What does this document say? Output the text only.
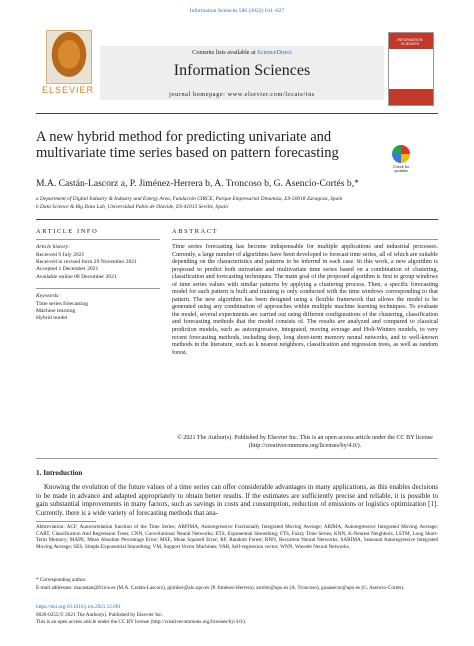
Information Sciences 586 (2022) 611–627
ELSEVIER
Contents lists available at ScienceDirect
Information Sciences
journal homepage: www.elsevier.com/locate/ins
INFORMATION SCIENCES
A new hybrid method for predicting univariate and multivariate time series based on pattern forecasting
Check for updates
M.A. Castán-Lascorz a, P. Jiménez-Herrera b, A. Troncoso b, G. Asencio-Cortés b,*
a Department of Digital Industry & Industry and Energy Area, Fundación CIRCE, Parque Empresarial Dinamiza, ES-50018 Zaragoza, Spain
b Data Science & Big Data Lab, Universidad Pablo de Olavide, ES-41013 Seville, Spain
ARTICLE INFO
Article history:
Received 9 July 2021
Received in revised form 29 November 2021
Accepted 1 December 2021
Available online 08 December 2021
Keywords:
Time series forecasting
Machine learning
Hybrid model
ABSTRACT
Time series forecasting has become indispensable for multiple applications and industrial processes. Currently, a large number of algorithms have been developed to forecast time series, all of which are suitable depending on the characteristics and patterns to be inferred in each case. In this work, a new algorithm is proposed to predict both univariate and multivariate time series based on a combination of clustering, classification and forecasting techniques. The main goal of the proposed algorithm is first to group windows of time series values with similar patterns by applying a clustering process. Then, a specific forecasting model for each pattern is built and training is only conducted with the time windows corresponding to that pattern. The new algorithm has been designed using a flexible framework that allows the model to be generated using any combination of approaches within multiple machine learning techniques. To evaluate the model, several experiments are carried out using different configurations of the clustering, classification and forecasting methods that the model consists of. The results are analyzed and compared to classical prediction models, such as autoregressive, integrated, moving average and Holt-Winters models, to very recent forecasting methods, including deep, long short-term memory neural networks, and to well-known methods in the literature, such as k nearest neighbors, classification and regression trees, as well as random forest.
© 2021 The Author(s). Published by Elsevier Inc. This is an open access article under the CC BY license (http://creativecommons.org/licenses/by/4.0/).
1. Introduction
Knowing the evolution of the future values of a time series can offer considerable advantages in many applications, as this enables decisions to be made in advance and adapted appropriately to obtain better results. If the estimates are sufficiently precise and reliable, it is possible to gain substantial improvements in many factors, such as savings in costs and consumption, reduction of emissions or logistics optimization [1]. Currently, there is a wide variety of forecasting methods that ana-
Abbreviation: ACF, Autocorrelation function of the Time Series; ARFIMA, Autoregressive Fractionally Integrated Moving Average; ARIMA, Autoregressive Integrated Moving Average; CART, Classification And Regression Trees; CNN, Convolutional Neural Networks; ETS, Exponential Smoothing; FTS, Fuzzy Time Series; KNN, K-Nearest Neighbors; LSTM, Long Short-Term Memory; MAPE, Mean Absolute Percentage Error; MSE, Mean Squared Error; RF, Random Forest; RNN, Recurrent Neural Networks; SARIMA, Seasonal Autoregressive Integrated Moving Average; SES, Simple Exponential Smoothing; VM, Support Vector Machines; VAR, Self-regression vector; WNN, Wavelet Neural Networks.
* Corresponding author.
E-mail addresses: macastan@fcirce.es (M.A. Castán-Lascorz), pjimher@alu.upo.es (P. Jiménez-Herrera), atrolor@upo.es (A. Troncoso), guaasecor@upo.es (G. Asencio-Cortés).
https://doi.org/10.1016/j.ins.2021.12.001
0020-0255/© 2021 The Author(s). Published by Elsevier Inc.
This is an open access article under the CC BY license (http://creativecommons.org/licenses/by/4.0/).
